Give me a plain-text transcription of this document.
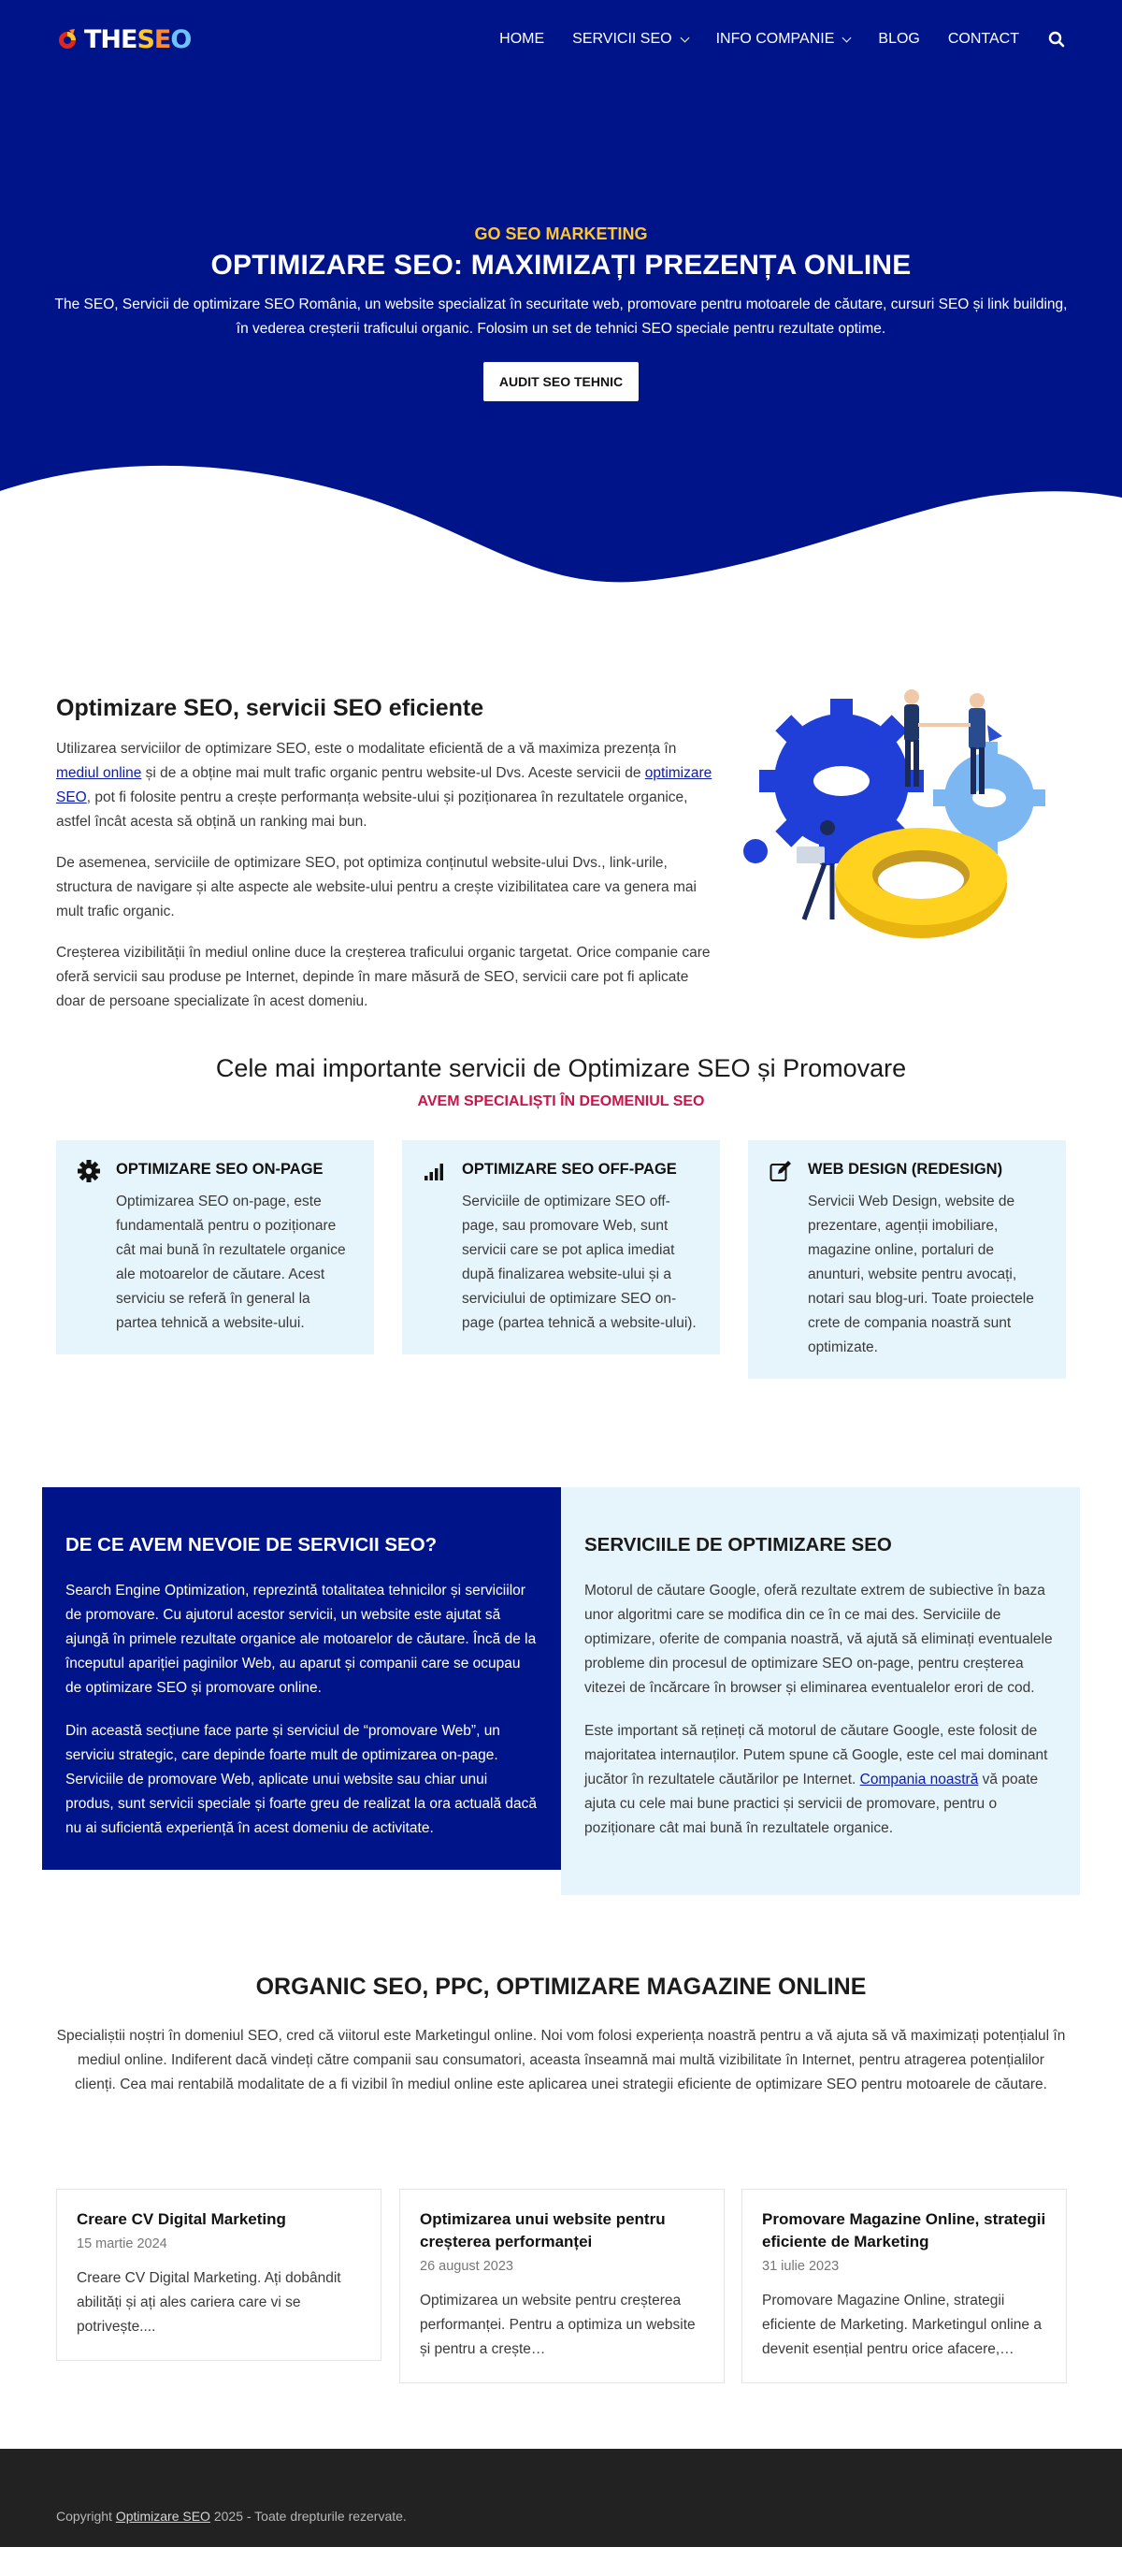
THESEO	HOME SERVICII SEO	INFO COMPANIE	BLOG CONTACT
GO SEO MARKETING
OPTIMIZARE SEO: MAXIMIZAȚI PREZENȚA ONLINE

The SEO, Servicii de optimizare SEO România, un website specializat în securitate web, promovare pentru motoarele de căutare, cursuri SEO și link building, în vederea creșterii traficului organic. Folosim un set de tehnici SEO speciale pentru rezultate optime.

AUDIT SEO TEHNIC
Optimizare SEO, servicii SEO eficiente

Utilizarea serviciilor de optimizare SEO, este o modalitate eficientă de a vă maximiza prezența în mediul online și de a obține mai mult trafic organic pentru website-ul Dvs. Aceste servicii de optimizare SEO, pot fi folosite pentru a crește performanța website-ului și poziționarea în rezultatele organice, astfel încât acesta să obțină un ranking mai bun.

De asemenea, serviciile de optimizare SEO, pot optimiza conținutul website-ului Dvs., link-urile, structura de navigare și alte aspecte ale website-ului pentru a crește vizibilitatea care va genera mai mult trafic organic.

Creșterea vizibilității în mediul online duce la creșterea traficului organic targetat. Orice companie care oferă servicii sau produse pe Internet, depinde în mare măsură de SEO, servicii care pot fi aplicate doar de persoane specializate în acest domeniu.

Cele mai importante servicii de Optimizare SEO și Promovare
AVEM SPECIALIȘTI ÎN DEOMENIUL SEO
OPTIMIZARE SEO ON-PAGE

Optimizarea SEO on-page, este fundamentală pentru o poziționare cât mai bună în rezultatele organice ale motoarelor de căutare. Acest serviciu se referă în general la partea tehnică a website-ului.

OPTIMIZARE SEO OFF-PAGE

Serviciile de optimizare SEO off-page, sau promovare Web, sunt servicii care se pot aplica imediat după finalizarea website-ului și a serviciului de optimizare SEO on-page (partea tehnică a website-ului).

WEB DESIGN (REDESIGN)

Servicii Web Design, website de prezentare, agenții imobiliare, magazine online, portaluri de anunturi, website pentru avocați, notari sau blog-uri. Toate proiectele crete de compania noastră sunt optimizate.

DE CE AVEM NEVOIE DE SERVICII SEO?

Search Engine Optimization, reprezintă totalitatea tehnicilor și serviciilor de promovare. Cu ajutorul acestor servicii, un website este ajutat să ajungă în primele rezultate organice ale motoarelor de căutare. Încă de la începutul apariției paginilor Web, au aparut și companii care se ocupau de optimizare SEO și promovare online.

Din această secțiune face parte și serviciul de “promovare Web”, un serviciu strategic, care depinde foarte mult de optimizarea on-page. Serviciile de promovare Web, aplicate unui website sau chiar unui produs, sunt servicii speciale și foarte greu de realizat la ora actuală dacă nu ai suficientă experiență în acest domeniu de activitate.

SERVICIILE DE OPTIMIZARE SEO

Motorul de căutare Google, oferă rezultate extrem de subiective în baza unor algoritmi care se modifica din ce în ce mai des. Serviciile de optimizare, oferite de compania noastră, vă ajută să eliminați eventualele probleme din procesul de optimizare SEO on-page, pentru creșterea vitezei de încărcare în browser și eliminarea eventualelor erori de cod.

Este important să rețineți că motorul de căutare Google, este folosit de majoritatea internauților. Putem spune că Google, este cel mai dominant jucător în rezultatele căutărilor pe Internet. Compania noastră vă poate ajuta cu cele mai bune practici și servicii de promovare, pentru o poziționare cât mai bună în rezultatele organice.

ORGANIC SEO, PPC, OPTIMIZARE MAGAZINE ONLINE

Specialiștii noștri în domeniul SEO, cred că viitorul este Marketingul online. Noi vom folosi experiența noastră pentru a vă ajuta să vă maximizați potențialul în mediul online. Indiferent dacă vindeți către companii sau consumatori, aceasta înseamnă mai multă vizibilitate în Internet, pentru atragerea potențialilor clienți. Cea mai rentabilă modalitate de a fi vizibil în mediul online este aplicarea unei strategii eficiente de optimizare SEO pentru motoarele de căutare.

Creare CV Digital Marketing
15 martie 2024

Creare CV Digital Marketing. Ați dobândit abilități și ați ales cariera care vi se potrivește....

Optimizarea unui website pentru creșterea performanței
26 august 2023

Optimizarea un website pentru creșterea performanței. Pentru a optimiza un website și pentru a crește…

Promovare Magazine Online, strategii eficiente de Marketing
31 iulie 2023

Promovare Magazine Online, strategii eficiente de Marketing. Marketingul online a devenit esențial pentru orice afacere,…

Copyright Optimizare SEO 2025 - Toate drepturile rezervate.
